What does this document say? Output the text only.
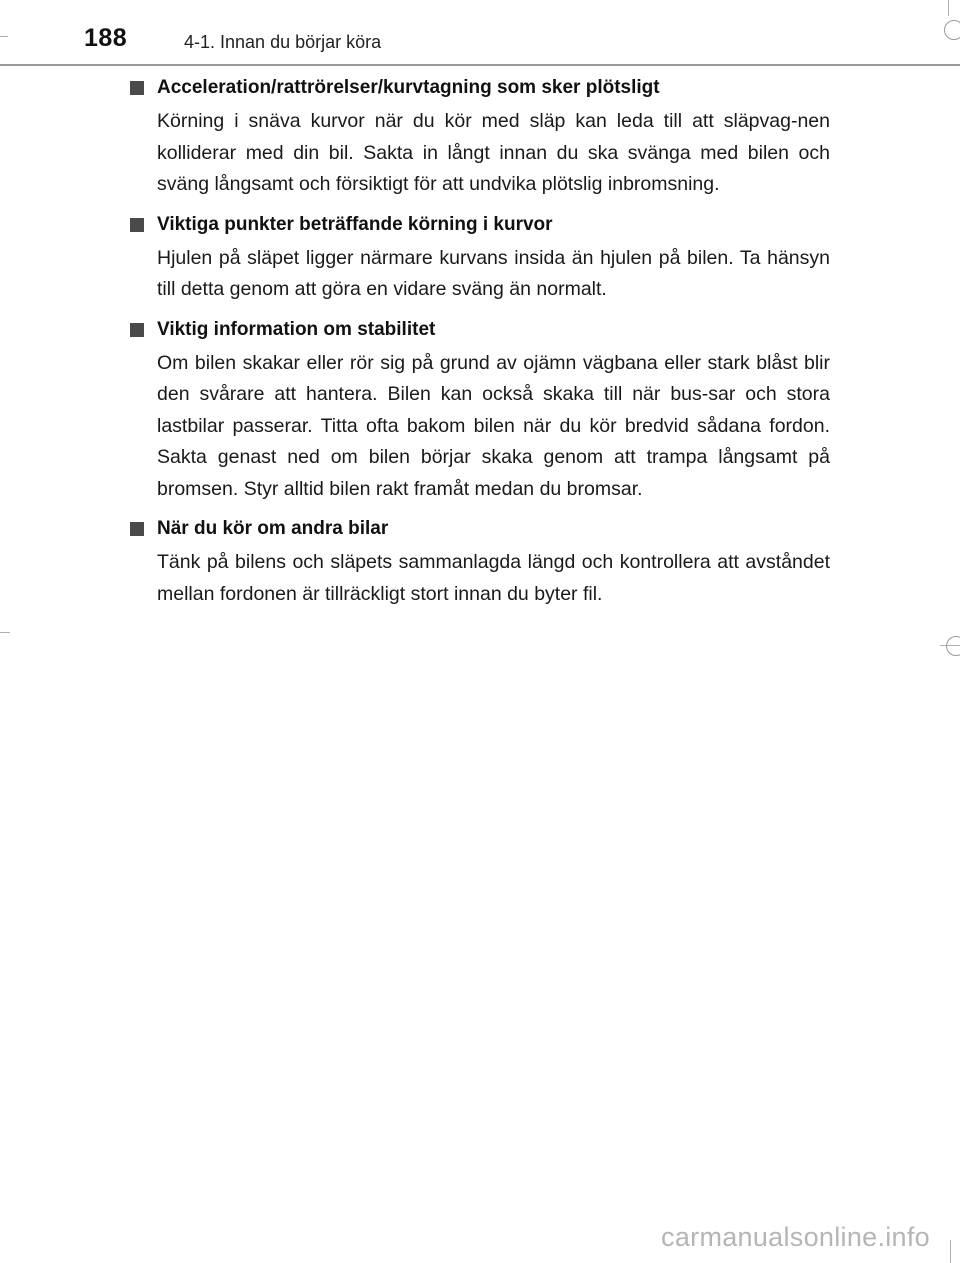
188	4-1. Innan du börjar köra
Acceleration/rattrörelser/kurvtagning som sker plötsligt
Körning i snäva kurvor när du kör med släp kan leda till att släpvag-nen kolliderar med din bil. Sakta in långt innan du ska svänga med bilen och sväng långsamt och försiktigt för att undvika plötslig inbromsning.
Viktiga punkter beträffande körning i kurvor
Hjulen på släpet ligger närmare kurvans insida än hjulen på bilen. Ta hänsyn till detta genom att göra en vidare sväng än normalt.
Viktig information om stabilitet
Om bilen skakar eller rör sig på grund av ojämn vägbana eller stark blåst blir den svårare att hantera. Bilen kan också skaka till när bus-sar och stora lastbilar passerar. Titta ofta bakom bilen när du kör bredvid sådana fordon. Sakta genast ned om bilen börjar skaka genom att trampa långsamt på bromsen. Styr alltid bilen rakt framåt medan du bromsar.
När du kör om andra bilar
Tänk på bilens och släpets sammanlagda längd och kontrollera att avståndet mellan fordonen är tillräckligt stort innan du byter fil.
carmanualsonline.info
